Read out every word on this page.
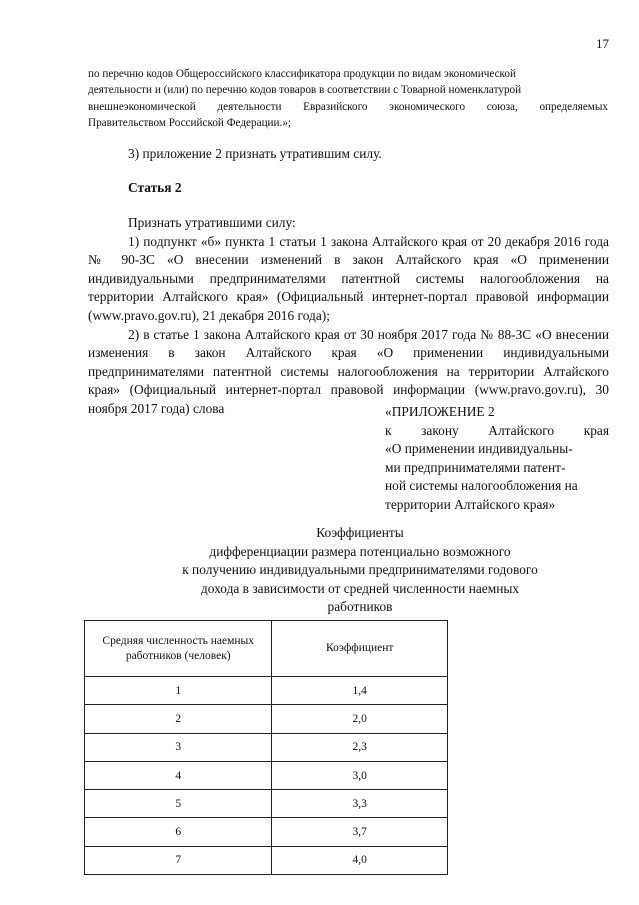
17

по перечню кодов Общероссийского классификатора продукции по видам экономической

деятельности и (или) по перечню кодов товаров в соответствии с Товарной номенклатурой

внешнеэкономической деятельности Евразийского экономического союза, определяемых

Правительством Российской Федерации.»;

3) приложение 2 признать утратившим силу.
Статья 2

Признать утратившими силу:

1) подпункт «б» пункта 1 статьи 1 закона Алтайского края от 20 декабря 2016 года № 90-ЗС «О внесении изменений в закон Алтайского края «О применении индивидуальными предпринимателями патентной системы налогообложения на территории Алтайского края» (Официальный интернет-портал правовой информации (www.pravo.gov.ru), 21 декабря 2016 года);

2) в статье 1 закона Алтайского края от 30 ноября 2017 года № 88-ЗС «О внесении изменения в закон Алтайского края «О применении индивидуальными предпринимателями патентной системы налогообложения на территории Алтайского края» (Официальный интернет-портал правовой информации (www.pravo.gov.ru), 30 ноября 2017 года) слова	«ПРИЛОЖЕНИЕ 2

к закону Алтайского края

«О применении индивидуальны-

ми предпринимателями патент-

ной системы налогообложения на

территории Алтайского края»

Коэффициенты

дифференциации размера потенциально возможного

к получению индивидуальными предпринимателями годового

дохода в зависимости от средней численности наемных

работников

Средняя численность наемных работников (человек)	Коэффициент
1	1,4
2	2,0
3	2,3
4	3,0
5	3,3
6	3,7
7	4,0
